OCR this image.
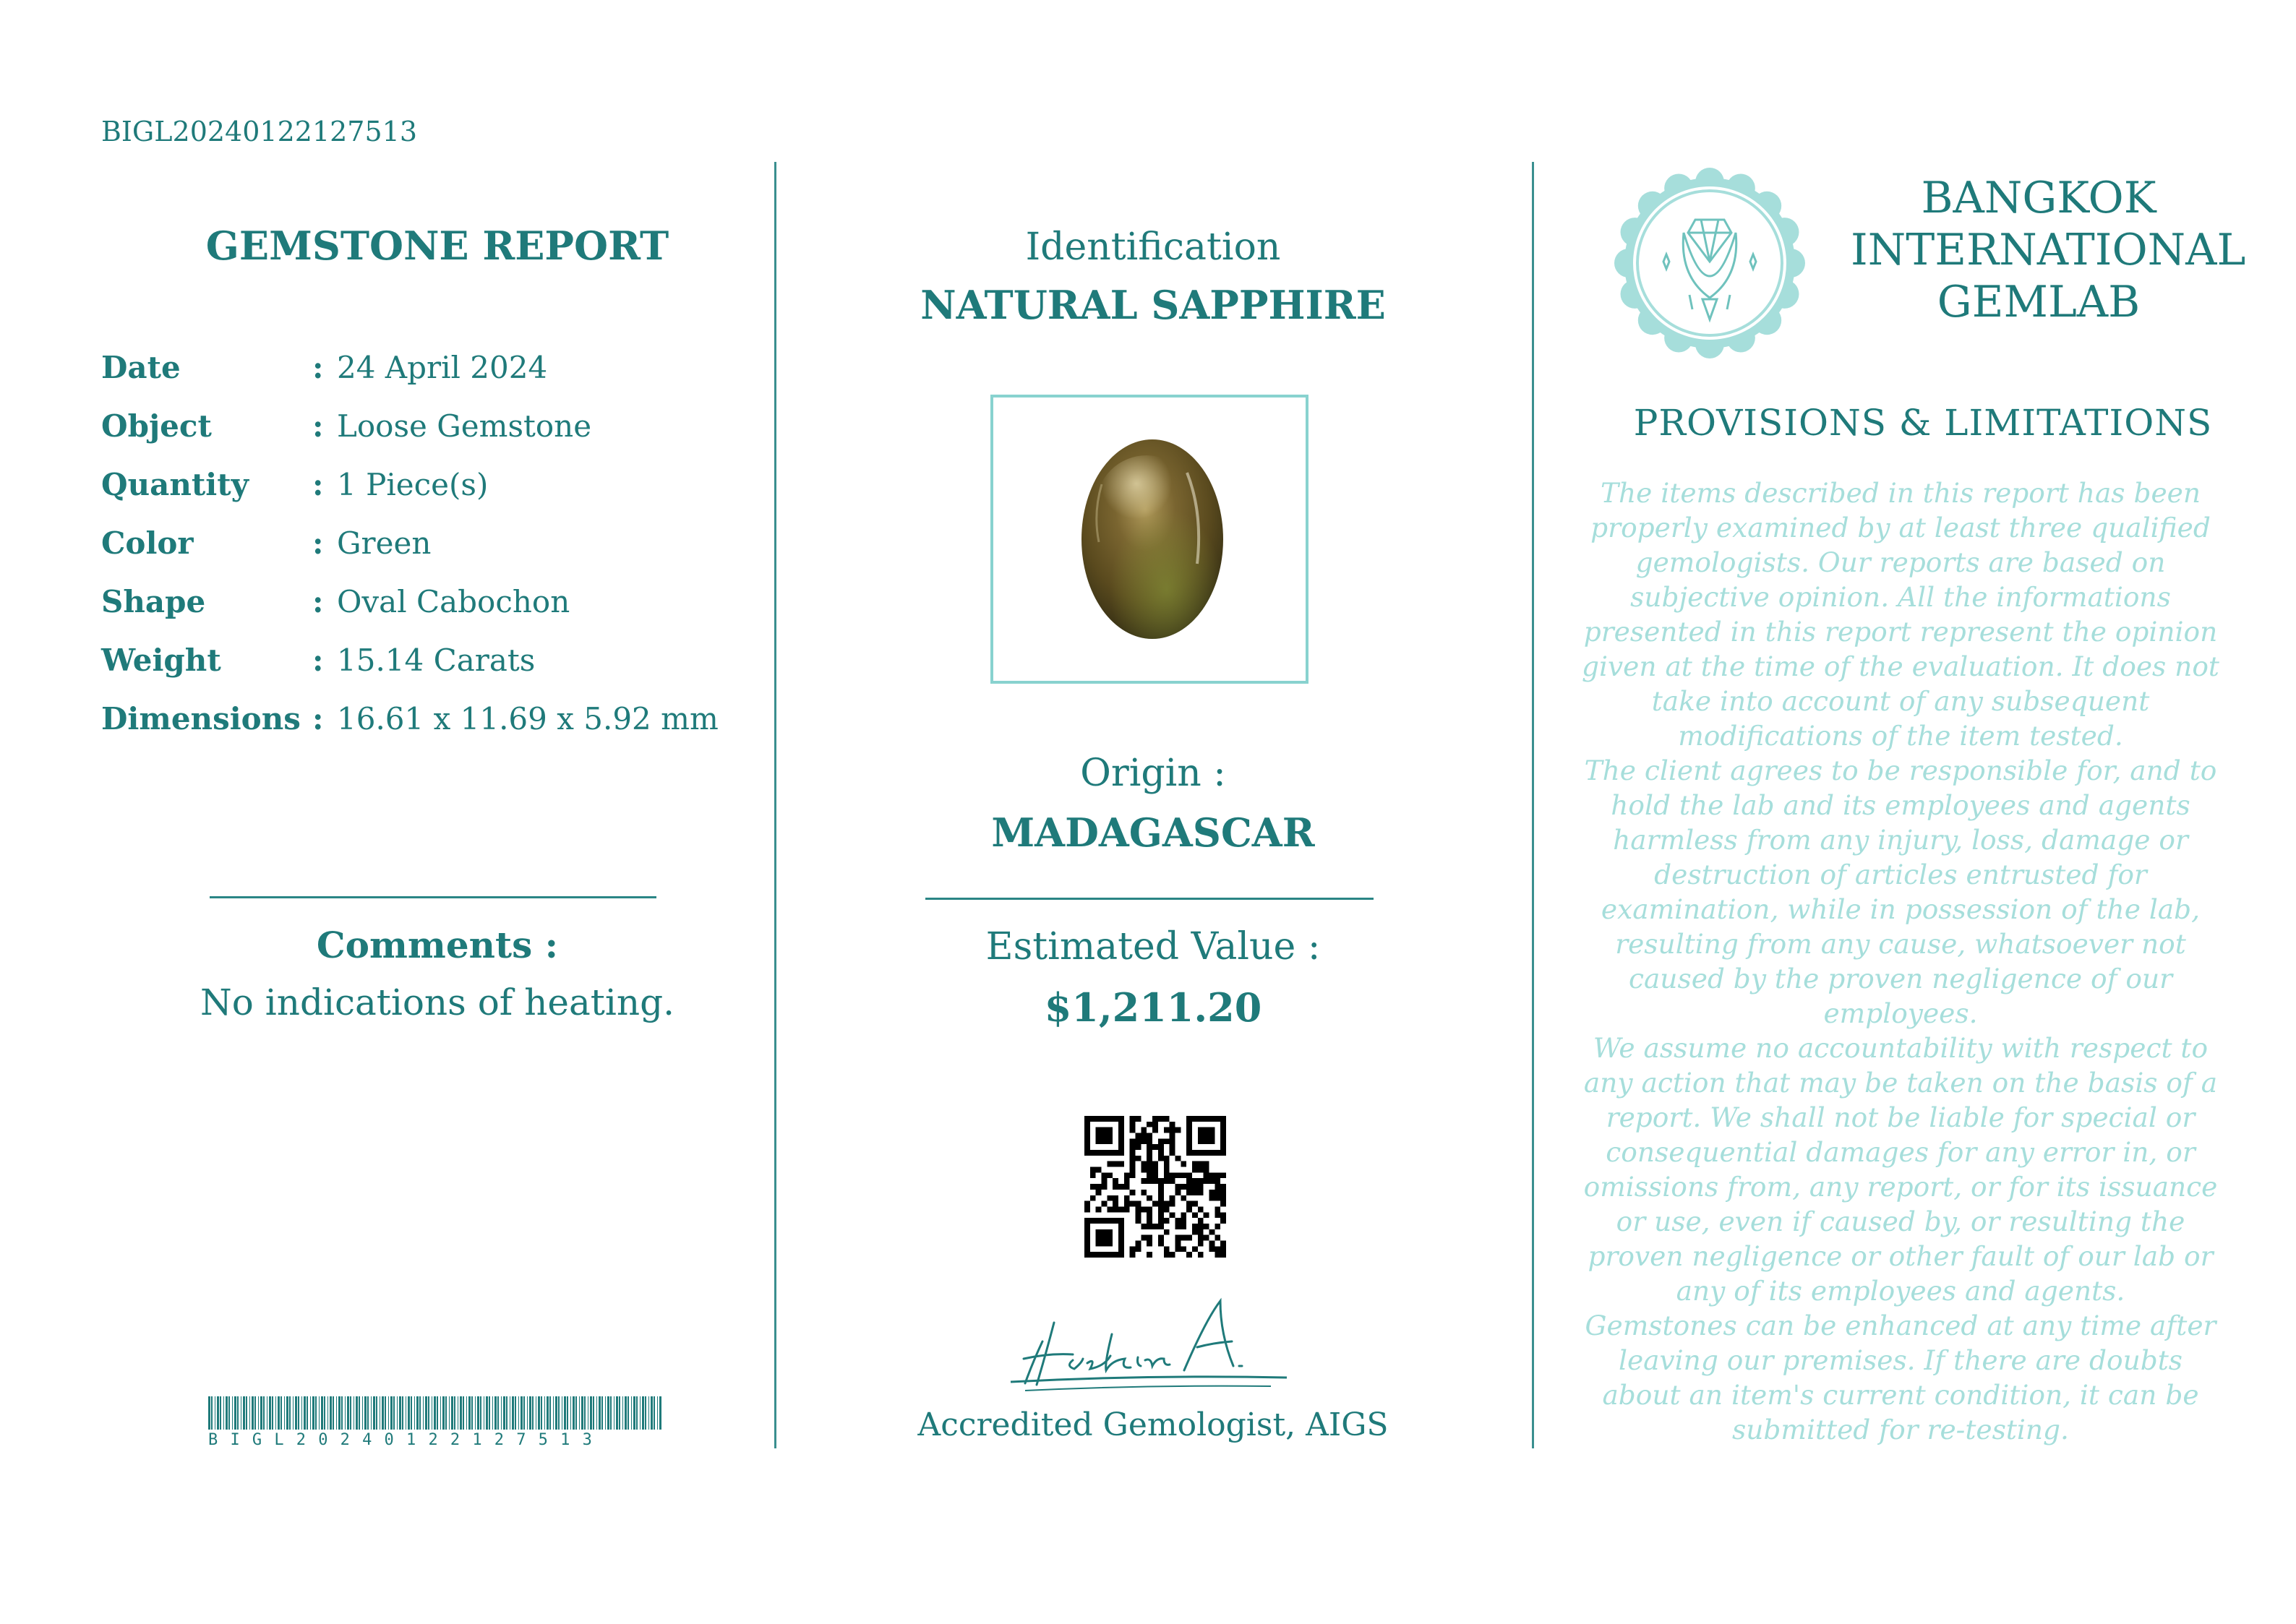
BIGL20240122127513
GEMSTONE REPORT
Date	: 24 April 2024
Object	: Loose Gemstone
Quantity	: 1 Piece(s)
Color	: Green
Shape	: Oval Cabochon
Weight	: 15.14 Carats
Dimensions : 16.61 x 11.69 x 5.92 mm
Comments :
No indications of heating.
BIGL20240122127513
Identification
NATURAL SAPPHIRE
Origin :
MADAGASCAR
Estimated Value :
$1,211.20
Accredited Gemologist, AIGS
BANGKOK
INTERNATIONAL
GEMLAB
PROVISIONS & LIMITATIONS
The items described in this report has been properly examined by at least three qualified gemologists. Our reports are based on subjective opinion. All the informations presented in this report represent the opinion given at the time of the evaluation. It does not take into account of any subsequent modifications of the item tested.
The client agrees to be responsible for, and to hold the lab and its employees and agents harmless from any injury, loss, damage or destruction of articles entrusted for examination, while in possession of the lab, resulting from any cause, whatsoever not caused by the proven negligence of our employees.
We assume no accountability with respect to any action that may be taken on the basis of a report. We shall not be liable for special or consequential damages for any error in, or omissions from, any report, or for its issuance or use, even if caused by, or resulting the proven negligence or other fault of our lab or any of its employees and agents.
Gemstones can be enhanced at any time after leaving our premises. If there are doubts about an item's current condition, it can be submitted for re-testing.
